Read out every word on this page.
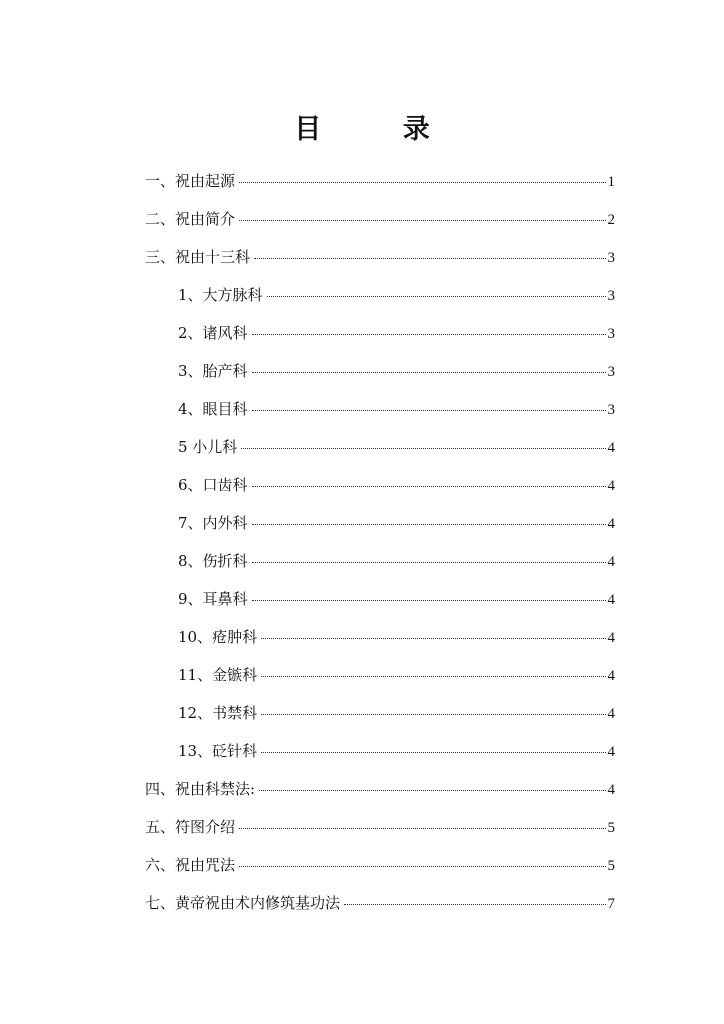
目 录
一、祝由起源	1
二、祝由简介	2
三、祝由十三科	3
1、大方脉科	3
2、诸风科	3
3、胎产科	3
4、眼目科	3
5 小儿科	4
6、口齿科	4
7、内外科	4
8、伤折科	4
9、耳鼻科	4
10、疮肿科	4
11、金镞科	4
12、书禁科	4
13、砭针科	4
四、祝由科禁法:	4
五、符图介绍	5
六、祝由咒法	5
七、黄帝祝由术内修筑基功法	7
